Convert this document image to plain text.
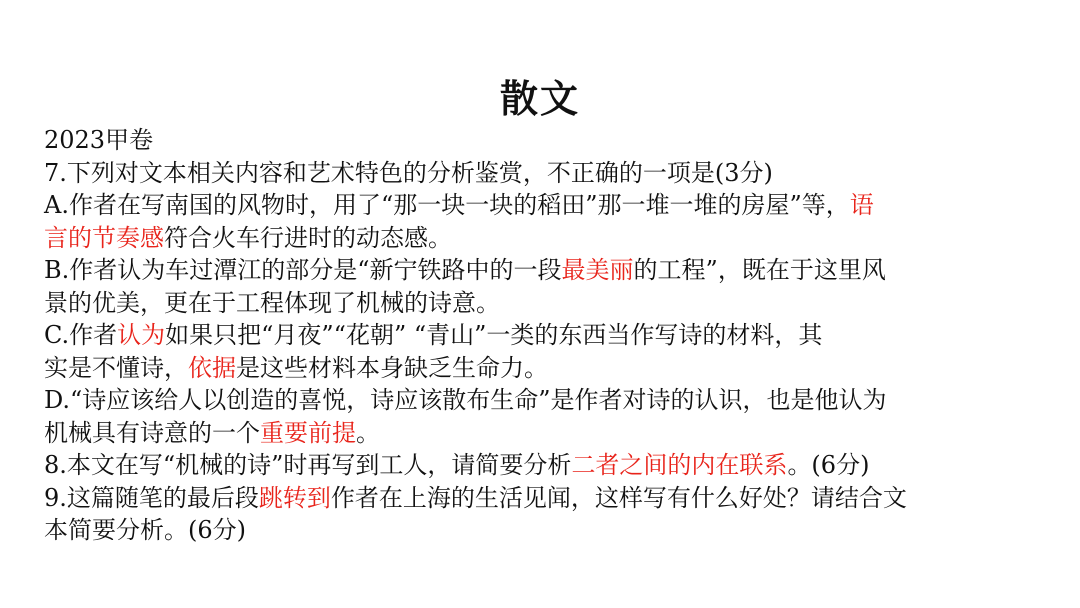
散文
2023甲卷
7.下列对文本相关内容和艺术特色的分析鉴赏，不正确的一项是(3分)
A.作者在写南国的风物时，用了“那一块一块的稻田”那一堆一堆的房屋”等，语
言的节奏感符合火车行进时的动态感。
B.作者认为车过潭江的部分是“新宁铁路中的一段最美丽的工程”，既在于这里风
景的优美，更在于工程体现了机械的诗意。
C.作者认为如果只把“月夜”“花朝” “青山”一类的东西当作写诗的材料，其
实是不懂诗，依据是这些材料本身缺乏生命力。
D.“诗应该给人以创造的喜悦，诗应该散布生命”是作者对诗的认识，也是他认为
机械具有诗意的一个重要前提。
8.本文在写“机械的诗”时再写到工人，请简要分析二者之间的内在联系。(6分)
9.这篇随笔的最后段跳转到作者在上海的生活见闻，这样写有什么好处？请结合文
本简要分析。(6分)
